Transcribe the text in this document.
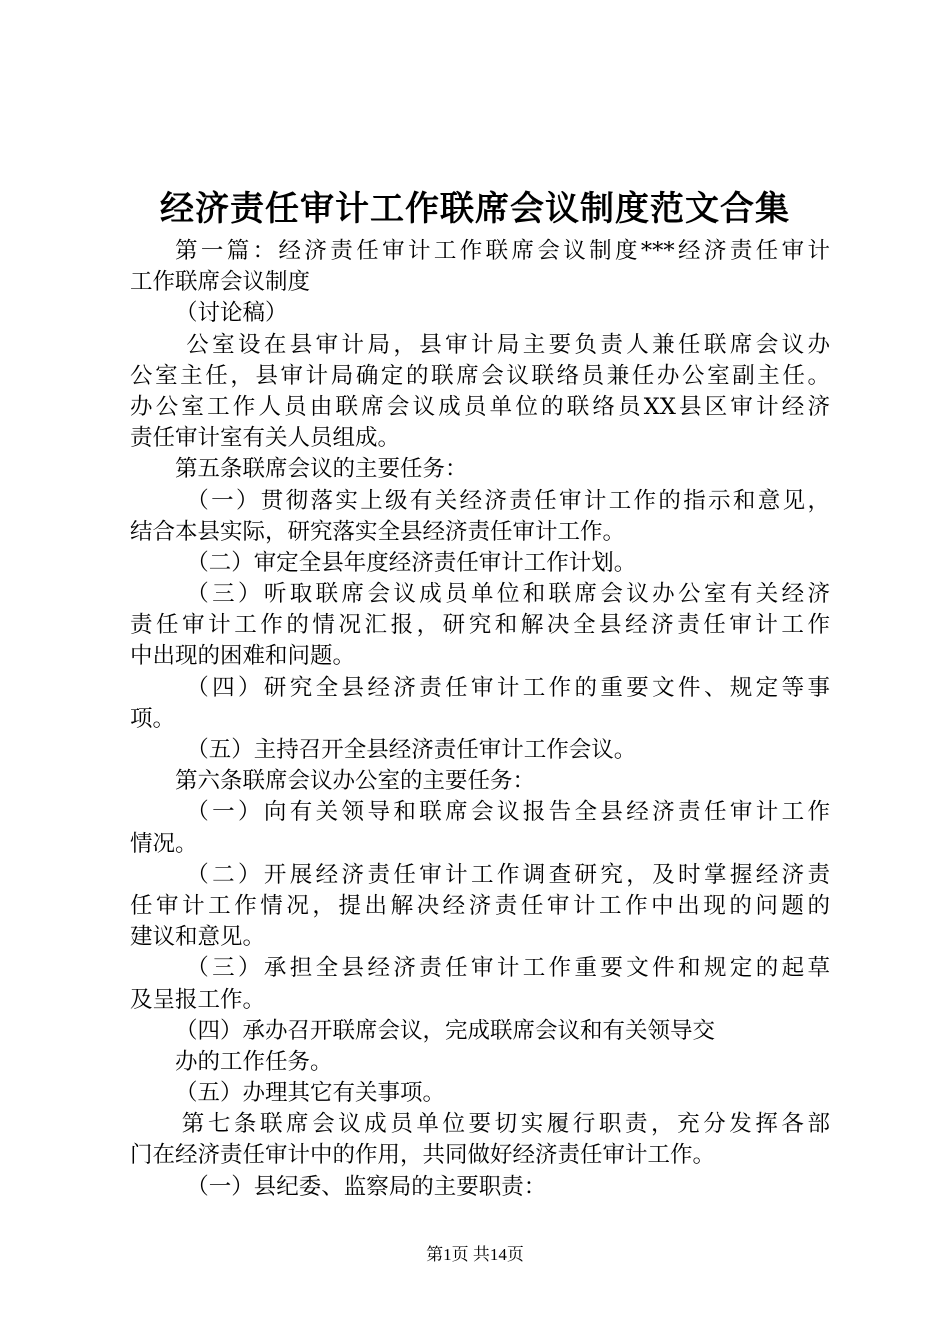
经济责任审计工作联席会议制度范文合集
第一篇：经济责任审计工作联席会议制度***经济责任审计
工作联席会议制度
（讨论稿）
公室设在县审计局，县审计局主要负责人兼任联席会议办
公室主任，县审计局确定的联席会议联络员兼任办公室副主任。
办公室工作人员由联席会议成员单位的联络员XX县区审计经济
责任审计室有关人员组成。
第五条联席会议的主要任务：
（一）贯彻落实上级有关经济责任审计工作的指示和意见，
结合本县实际，研究落实全县经济责任审计工作。
（二）审定全县年度经济责任审计工作计划。
（三）听取联席会议成员单位和联席会议办公室有关经济
责任审计工作的情况汇报，研究和解决全县经济责任审计工作
中出现的困难和问题。
（四）研究全县经济责任审计工作的重要文件、规定等事
项。
（五）主持召开全县经济责任审计工作会议。
第六条联席会议办公室的主要任务：
（一）向有关领导和联席会议报告全县经济责任审计工作
情况。
（二）开展经济责任审计工作调查研究，及时掌握经济责
任审计工作情况，提出解决经济责任审计工作中出现的问题的
建议和意见。
（三）承担全县经济责任审计工作重要文件和规定的起草
及呈报工作。
（四）承办召开联席会议，完成联席会议和有关领导交
办的工作任务。
（五）办理其它有关事项。
第七条联席会议成员单位要切实履行职责，充分发挥各部
门在经济责任审计中的作用，共同做好经济责任审计工作。
（一）县纪委、监察局的主要职责：
第1页 共14页
